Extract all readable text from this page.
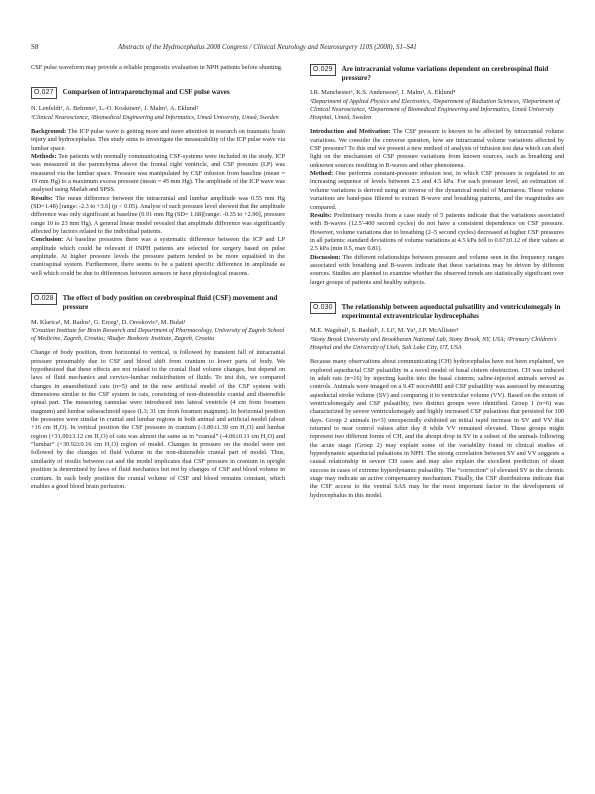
S8	Abstracts of the Hydrocephalus 2008 Congress / Clinical Neurology and Neurosurgery 110S (2008), S1–S41
CSF pulse waveform may provide a reliable prognostic evaluation in NPH patients before shunting.
O.027	Comparison of intraparenchymal and CSF pulse waves
N. Lenfeldt¹, A. Behrens¹, L.-O. Koskinen¹, J. Malm¹, A. Eklund²
¹Clinical Neuroscience, ²Biomedical Engineering and Informatics, Umeå University, Umeå, Sweden
Background: The ICP pulse wave is getting more and more attention in research on traumatic brain injury and hydrocephalus. This study aims to investigate the measurability of the ICP pulse wave via lumbar space.
Methods: Ten patients with normally communicating CSF-systems were included in the study. ICP was measured in the parenchyma above the frontal right ventricle, and CSF pressure (LP) was measured via the lumbar space. Pressure was manipulated by CSF infusion from baseline (mean = 19 mm Hg) to a maximum excess pressure (mean = 45 mm Hg). The amplitude of the ICP wave was analysed using Matlab and SPSS.
Results: The mean difference between the intracranial and lumbar amplitude was 0.55 mm Hg (SD=1.48) [range: -2.3 to +3.6] (p < 0.05). Analyse of each pressure level showed that the amplitude difference was only significant at baseline (0.91 mm Hg (SD= 1.68)[range: -0.35 to +2.90], pressure range 10 to 23 mm Hg). A general linear model revealed that amplitude difference was significantly affected by factors related to the individual patients.
Conclusion: At baseline pressures there was a systematic difference between the ICP and LP amplitude which could be relevant if INPH patients are selected for surgery based on pulse amplitude. At higher pressure levels the pressure pattern tended to be more equalised in the craniospinal system. Furthermore, there seems to be a patient specific difference in amplitude as well which could be due to differences between sensors or have physiological reasons.
O.028	The effect of body position on cerebrospinal fluid (CSF) movement and pressure
M. Klarica¹, M. Rados¹, G. Erceg¹, D. Oreskovic², M. Bulat¹
¹Croatian Institute for Brain Research and Department of Pharmacology, University of Zagreb School of Medicine, Zagreb, Croatia; ²Rudjer Boskovic Institute, Zagreb, Croatia
Change of body position, from horizontal to vertical, is followed by transient fall of intracranial pressure presumably due to CSF and blood shift from cranium to lower parts of body. We hypothesized that these effects are not related to the cranial fluid volume changes, but depend on laws of fluid mechanics and cervico-lumbar redistribution of fluids. To test this, we compared changes in anaesthetized cats (n=5) and in the new artificial model of the CSF system with dimensions similar to the CSF system in cats, consisting of non-distensible cranial and distensible spinal part. The measuring cannulae were introduced into lateral ventricle (4 cm from foramen magnum) and lumbar subarachnoid space (L3; 31 cm from foramen magnum). In horizontal position the pressures were similar in cranial and lumbar regions in both animal and artificial model (about +16 cm H₂O). In vertical position the CSF pressure in cranium (-3.80±1.39 cm H₂O) and lumbar region (+31.00±3.12 cm H₂O) of cats was almost the same as in “cranial” (-4.06±0.11 cm H₂O) and “lumbar” (+30.92±0.16 cm H₂O) region of model. Changes in pressure on the model were not followed by the changes of fluid volume in the non-distensible cranial part of model. Thus, similarity of results between cat and the model implicates that CSF pressure in cranium in upright position is determined by laws of fluid mechanics but not by changes of CSF and blood volume in cranium. In each body position the cranial volume of CSF and blood remains constant, which enables a good blood brain perfusion.
O.029	Are intracranial volume variations dependent on cerebrospinal fluid pressure?
I.R. Manchester¹, K.S. Andersson², J. Malm³, A. Eklund⁴
¹Department of Applied Physics and Electronics, ²Department of Radiation Sciences, ³Department of Clinical Neuroscience, ⁴Department of Biomedical Engineering and Informatics, Umeå University Hospital, Umeå, Sweden
Introduction and Motivation: The CSF pressure is known to be affected by intracranial volume variations. We consider the converse question, how are intracranial volume variations affected by CSF pressure? To this end we present a new method of analysis of infusion test data which can shed light on the mechanism of CSF pressure variations from known sources, such as breathing and unknown sources resulting in B-waves and other phenomena.
Method: One performs constant-pressure infusion test, in which CSF pressure is regulated to an increasing sequence of levels between 2.5 and 4.5 kPa. For each pressure level, an estimation of volume variations is derived using an inverse of the dynamical model of Marmarou. These volume variations are band-pass filtered to extract B-wave and breathing patterns, and the magnitudes are compared.
Results: Preliminary results from a case study of 5 patients indicate that the variations associated with B-waves (12.5'-400 second cycles) do not have a consistent dependence on CSF pressure. However, volume variations due to breathing (2–5 second cycles) decreased at higher CSF pressures in all patients: standard deviations of volume variations at 4.5 kPa fell to 0.67±0.12 of their values at 2.5 kPa (min 0.5, max 0.81).
Discussion: The different relationships between pressure and volume seen in the frequency ranges associated with breathing and B-waves indicate that these variations may be driven by different sources. Studies are planned to examine whether the observed trends are statistically significant over larger groups of patients and healthy subjects.
O.030	The relationship between aqueductal pulsatility and ventriculomegaly in experimental extraventricular hydrocephalus
M.E. Wagshul¹, S. Rashid¹, J. Li², M. Yu¹, J.P. McAllister²
¹Stony Brook University and Brookhaven National Lab, Stony Brook, NY, USA; ²Primary Children’s Hospital and the University of Utah, Salt Lake City, UT, USA
Because many observations about communicating (CH) hydrocephalus have not been explained, we explored aqueductal CSF pulsatility in a novel model of basal cistern obstruction. CH was induced in adult rats (n=16) by injecting kaolin into the basal cisterns; saline-injected animals served as controls. Animals were imaged on a 9.4T microMRI and CSF pulsatility was assessed by measuring aqueductal stroke volume (SV) and comparing it to ventricular volume (VV). Based on the extent of ventriculomegaly and CSF pulsatility, two distinct groups were identified. Group 1 (n=6) was characterized by severe ventriculomegaly and highly increased CSF pulsations that persisted for 100 days. Group 2 animals (n=3) unexpectedly exhibited an initial rapid increase in SV and VV that returned to near control values after day 8 while VV remained elevated. These groups might represent two different forms of CH, and the abrupt drop in SV in a subset of the animals following the acute stage (Group 2) may explain some of the variability found in clinical studies of hyperdynamic aqueductal pulsations in NPH. The strong correlation between SV and VV suggests a causal relationship in severe CH cases and may also explain the excellent prediction of shunt success in cases of extreme hyperdynamic pulsatility. The “correction” of elevated SV in the chronic stage may indicate an active compensatory mechanism. Finally, the CSF distributions indicate that the CSF access to the ventral SAS may be the most important factor in the development of hydrocephalus in this model.
